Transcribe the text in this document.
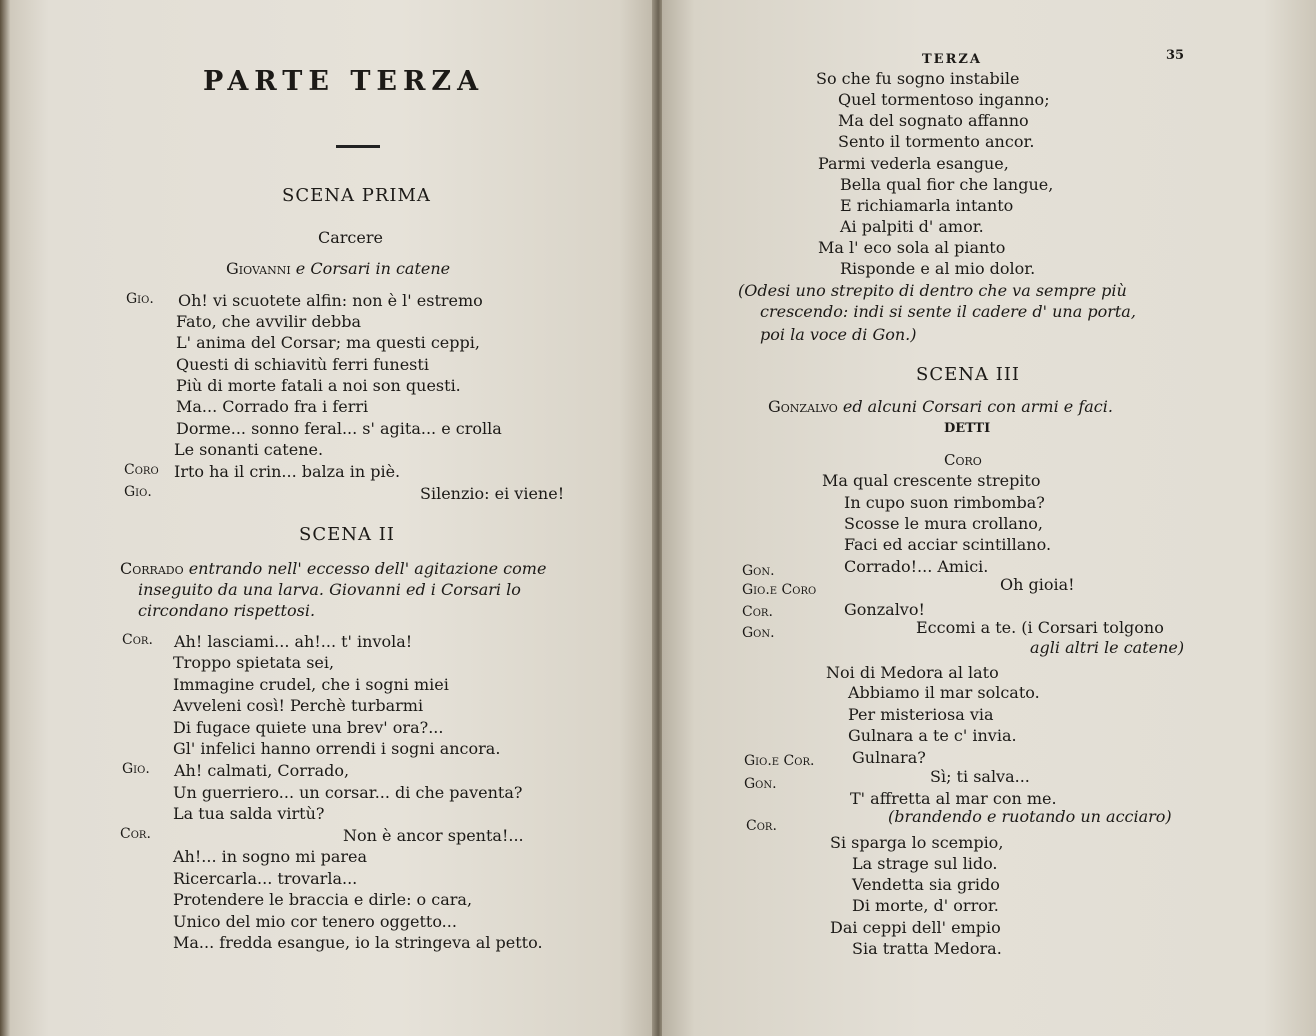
PARTE TERZA
SCENA PRIMA
Carcere
Giovanni e Corsari in catene
Gio. Oh! vi scuotete alfin: non è l' estremo
Fato, che avvilir debba
L' anima del Corsar; ma questi ceppi,
Questi di schiavitù ferri funesti
Più di morte fatali a noi son questi.
Ma... Corrado fra i ferri
Dorme... sonno feral... s' agita... e crolla
Le sonanti catene.
Coro Irto ha il crin... balza in piè.
Gio.	Silenzio: ei viene!
SCENA II
Corrado entrando nell' eccesso dell' agitazione come
inseguito da una larva. Giovanni ed i Corsari lo
circondano rispettosi.
Cor. Ah! lasciami... ah!... t' invola!
Troppo spietata sei,
Immagine crudel, che i sogni miei
Avveleni così! Perchè turbarmi
Di fugace quiete una brev' ora?...
Gl' infelici hanno orrendi i sogni ancora.
Gio. Ah! calmati, Corrado,
Un guerriero... un corsar... di che paventa?
La tua salda virtù?
Cor.	Non è ancor spenta!...
Ah!... in sogno mi parea
Ricercarla... trovarla...
Protendere le braccia e dirle: o cara,
Unico del mio cor tenero oggetto...
Ma... fredda esangue, io la stringeva al petto.
TERZA	35
So che fu sogno instabile
Quel tormentoso inganno;
Ma del sognato affanno
Sento il tormento ancor.
Parmi vederla esangue,
Bella qual fior che langue,
E richiamarla intanto
Ai palpiti d' amor.
Ma l' eco sola al pianto
Risponde e al mio dolor.
(Odesi uno strepito di dentro che va sempre più
crescendo: indi si sente il cadere d' una porta,
poi la voce di Gon.)
SCENA III
Gonzalvo ed alcuni Corsari con armi e faci.
DETTI
Coro
Ma qual crescente strepito
In cupo suon rimbomba?
Scosse le mura crollano,
Faci ed acciar scintillano.
Gon.	Corrado!... Amici.
Gio.e Coro	Oh gioia!
Cor.	Gonzalvo!
Gon.	Eccomi a te. (i Corsari tolgono
agli altri le catene)
Noi di Medora al lato
Abbiamo il mar solcato.
Per misteriosa via
Gulnara a te c' invia.
Gio.e Cor. Gulnara?
Gon.	Sì; ti salva...
T' affretta al mar con me.
Cor.	(brandendo e ruotando un acciaro)
Si sparga lo scempio,
La strage sul lido.
Vendetta sia grido
Di morte, d' orror.
Dai ceppi dell' empio
Sia tratta Medora.
